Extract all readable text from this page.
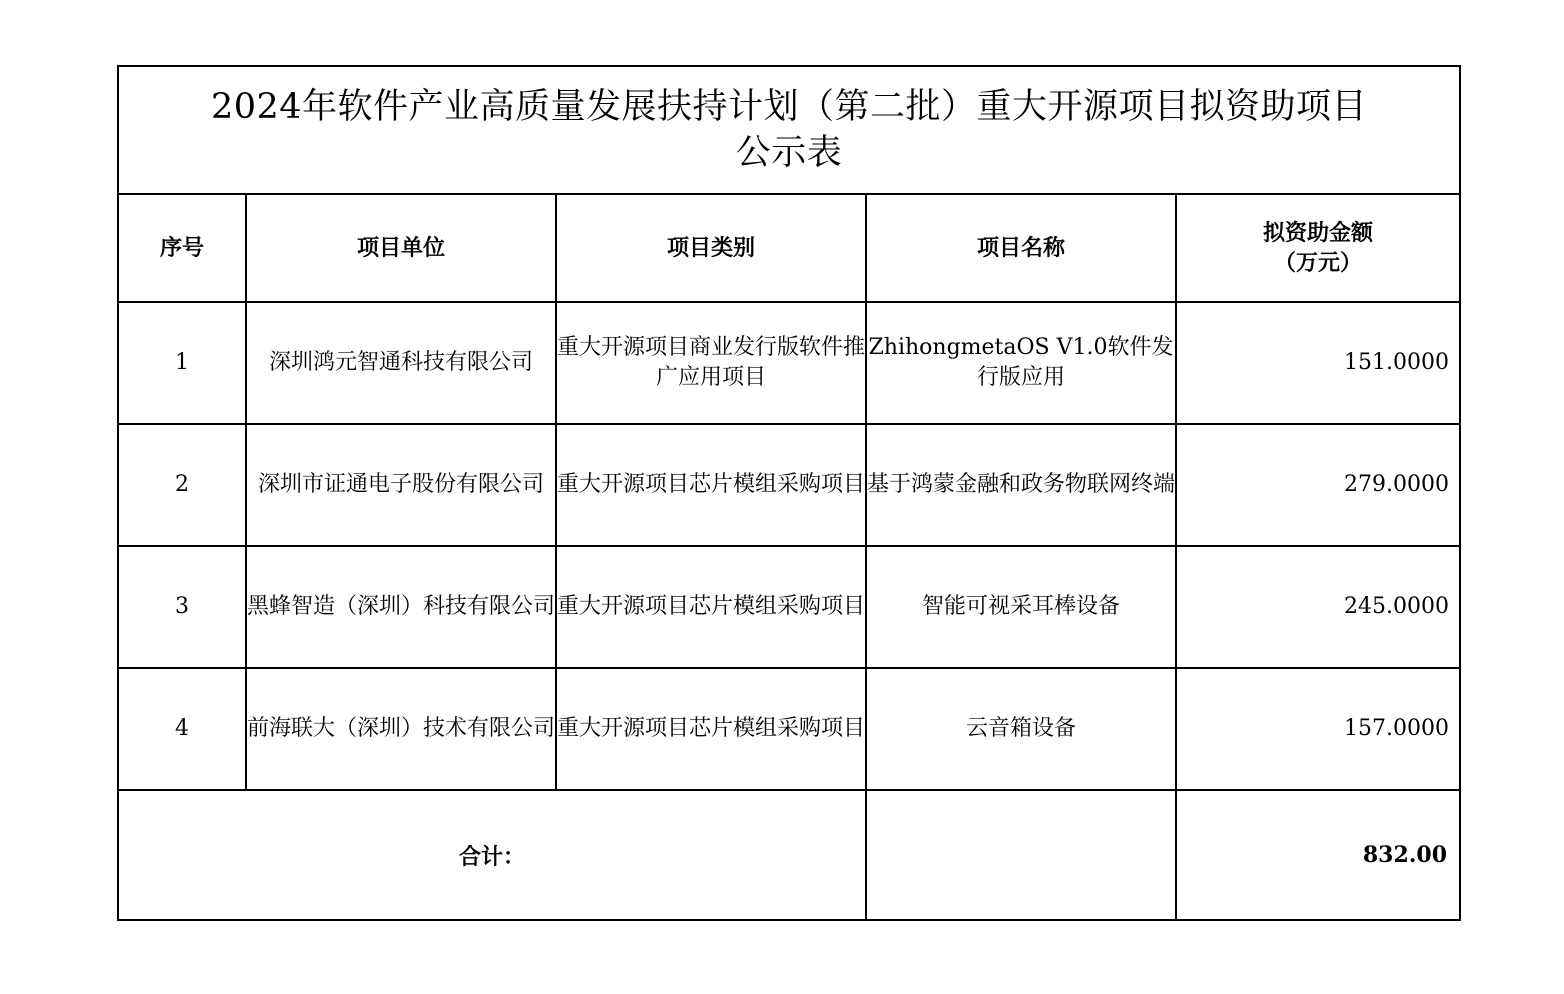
2024年软件产业高质量发展扶持计划（第二批）重大开源项目拟资助项目
公示表				

序号	项目单位	项目类别	项目名称	拟资助金额
（万元）

1	深圳鸿元智通科技有限公司	重大开源项目商业发行版软件推广应用项目	ZhihongmetaOS V1.0软件发行版应用	151.0000
2	深圳市证通电子股份有限公司	重大开源项目芯片模组采购项目	基于鸿蒙金融和政务物联网终端	279.0000
3	黑蜂智造（深圳）科技有限公司	重大开源项目芯片模组采购项目	智能可视采耳棒设备	245.0000
4	前海联大（深圳）技术有限公司	重大开源项目芯片模组采购项目	云音箱设备	157.0000
合计：				832.00
